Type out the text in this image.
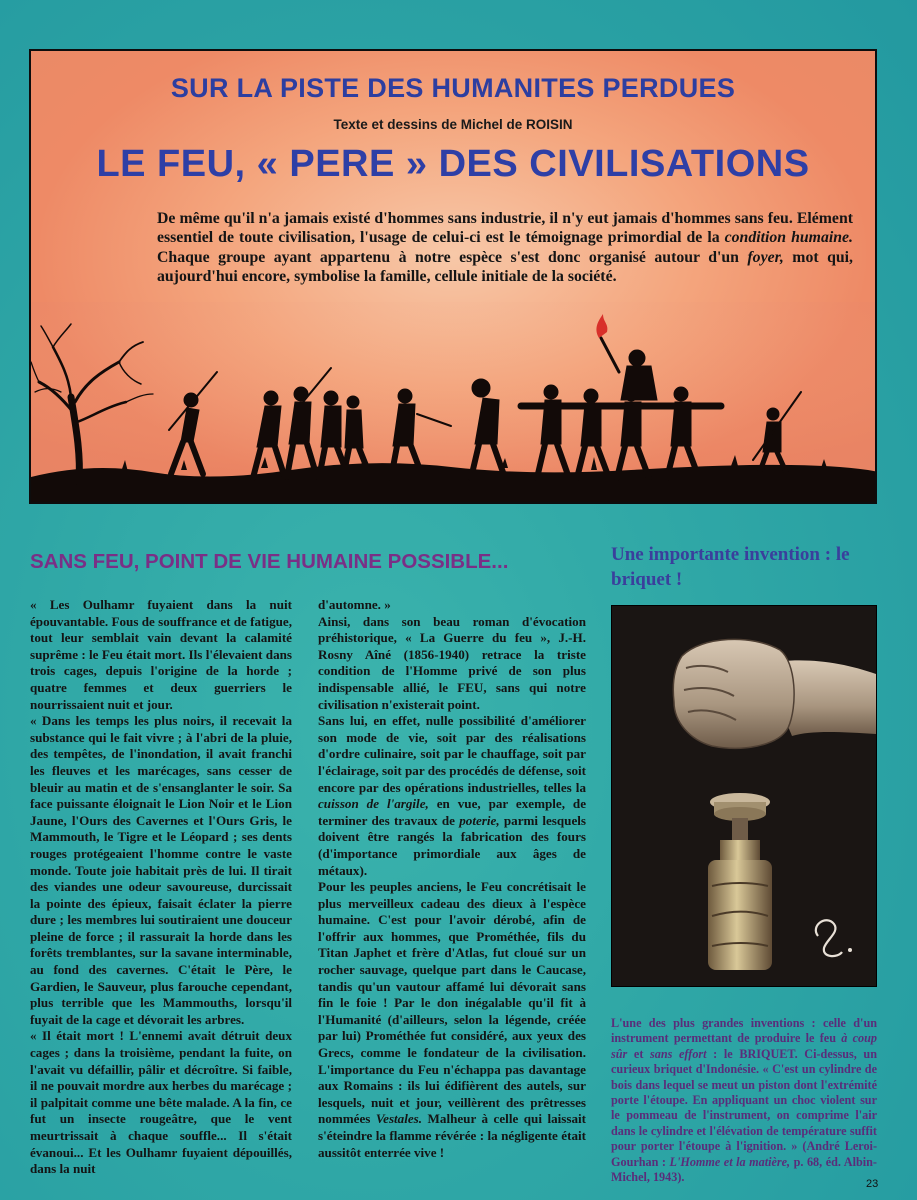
SUR LA PISTE DES HUMANITES PERDUES
Texte et dessins de Michel de ROISIN
LE FEU, « PERE » DES CIVILISATIONS
De même qu'il n'a jamais existé d'hommes sans industrie, il n'y eut jamais d'hommes sans feu. Elément essentiel de toute civilisation, l'usage de celui-ci est le témoignage primordial de la condition humaine. Chaque groupe ayant appartenu à notre espèce s'est donc organisé autour d'un foyer, mot qui, aujourd'hui encore, symbolise la famille, cellule initiale de la société.
SANS FEU, POINT DE VIE HUMAINE POSSIBLE...	Une importante invention : le briquet !

« Les Oulhamr fuyaient dans la nuit épouvantable. Fous de souffrance et de fatigue, tout leur semblait vain devant la calamité suprême : le Feu était mort. Ils l'élevaient dans trois cages, depuis l'origine de la horde ; quatre femmes et deux guerriers le nourrissaient nuit et jour.

« Dans les temps les plus noirs, il recevait la substance qui le fait vivre ; à l'abri de la pluie, des tempêtes, de l'inondation, il avait franchi les fleuves et les marécages, sans cesser de bleuir au matin et de s'ensanglanter le soir. Sa face puissante éloignait le Lion Noir et le Lion Jaune, l'Ours des Cavernes et l'Ours Gris, le Mammouth, le Tigre et le Léopard ; ses dents rouges protégeaient l'homme contre le vaste monde. Toute joie habitait près de lui. Il tirait des viandes une odeur savoureuse, durcissait la pointe des épieux, faisait éclater la pierre dure ; les membres lui soutiraient une douceur pleine de force ; il rassurait la horde dans les forêts tremblantes, sur la savane interminable, au fond des cavernes. C'était le Père, le Gardien, le Sauveur, plus farouche cependant, plus terrible que les Mammouths, lorsqu'il fuyait de la cage et dévorait les arbres.

« Il était mort ! L'ennemi avait détruit deux cages ; dans la troisième, pendant la fuite, on l'avait vu défaillir, pâlir et décroître. Si faible, il ne pouvait mordre aux herbes du marécage ; il palpitait comme une bête malade. A la fin, ce fut un insecte rougeâtre, que le vent meurtrissait à chaque souffle... Il s'était évanoui... Et les Oulhamr fuyaient dépouillés, dans la nuit

d'automne. »

Ainsi, dans son beau roman d'évocation préhistorique, « La Guerre du feu », J.-H. Rosny Aîné (1856-1940) retrace la triste condition de l'Homme privé de son plus indispensable allié, le FEU, sans qui notre civilisation n'existerait point.

Sans lui, en effet, nulle possibilité d'améliorer son mode de vie, soit par des réalisations d'ordre culinaire, soit par le chauffage, soit par l'éclairage, soit par des procédés de défense, soit encore par des opérations industrielles, telles la cuisson de l'argile, en vue, par exemple, de terminer des travaux de poterie, parmi lesquels doivent être rangés la fabrication des fours (d'importance primordiale aux âges de métaux).

Pour les peuples anciens, le Feu concrétisait le plus merveilleux cadeau des dieux à l'espèce humaine. C'est pour l'avoir dérobé, afin de l'offrir aux hommes, que Prométhée, fils du Titan Japhet et frère d'Atlas, fut cloué sur un rocher sauvage, quelque part dans le Caucase, tandis qu'un vautour affamé lui dévorait sans fin le foie ! Par le don inégalable qu'il fit à l'Humanité (d'ailleurs, selon la légende, créée par lui) Prométhée fut considéré, aux yeux des Grecs, comme le fondateur de la civilisation. L'importance du Feu n'échappa pas davantage aux Romains : ils lui édifièrent des autels, sur lesquels, nuit et jour, veillèrent des prêtresses nommées Vestales. Malheur à celle qui laissait s'éteindre la flamme révérée : la négligente était aussitôt enterrée vive !

L'une des plus grandes inventions : celle d'un instrument permettant de produire le feu à coup sûr et sans effort : le BRIQUET. Ci-dessus, un curieux briquet d'Indonésie. « C'est un cylindre de bois dans lequel se meut un piston dont l'extrémité porte l'étoupe. En appliquant un choc violent sur le pommeau de l'instrument, on comprime l'air dans le cylindre et l'élévation de température suffit pour porter l'étoupe à l'ignition. » (André Leroi-Gourhan : L'Homme et la matière, p. 68, éd. Albin-Michel, 1943).	23
